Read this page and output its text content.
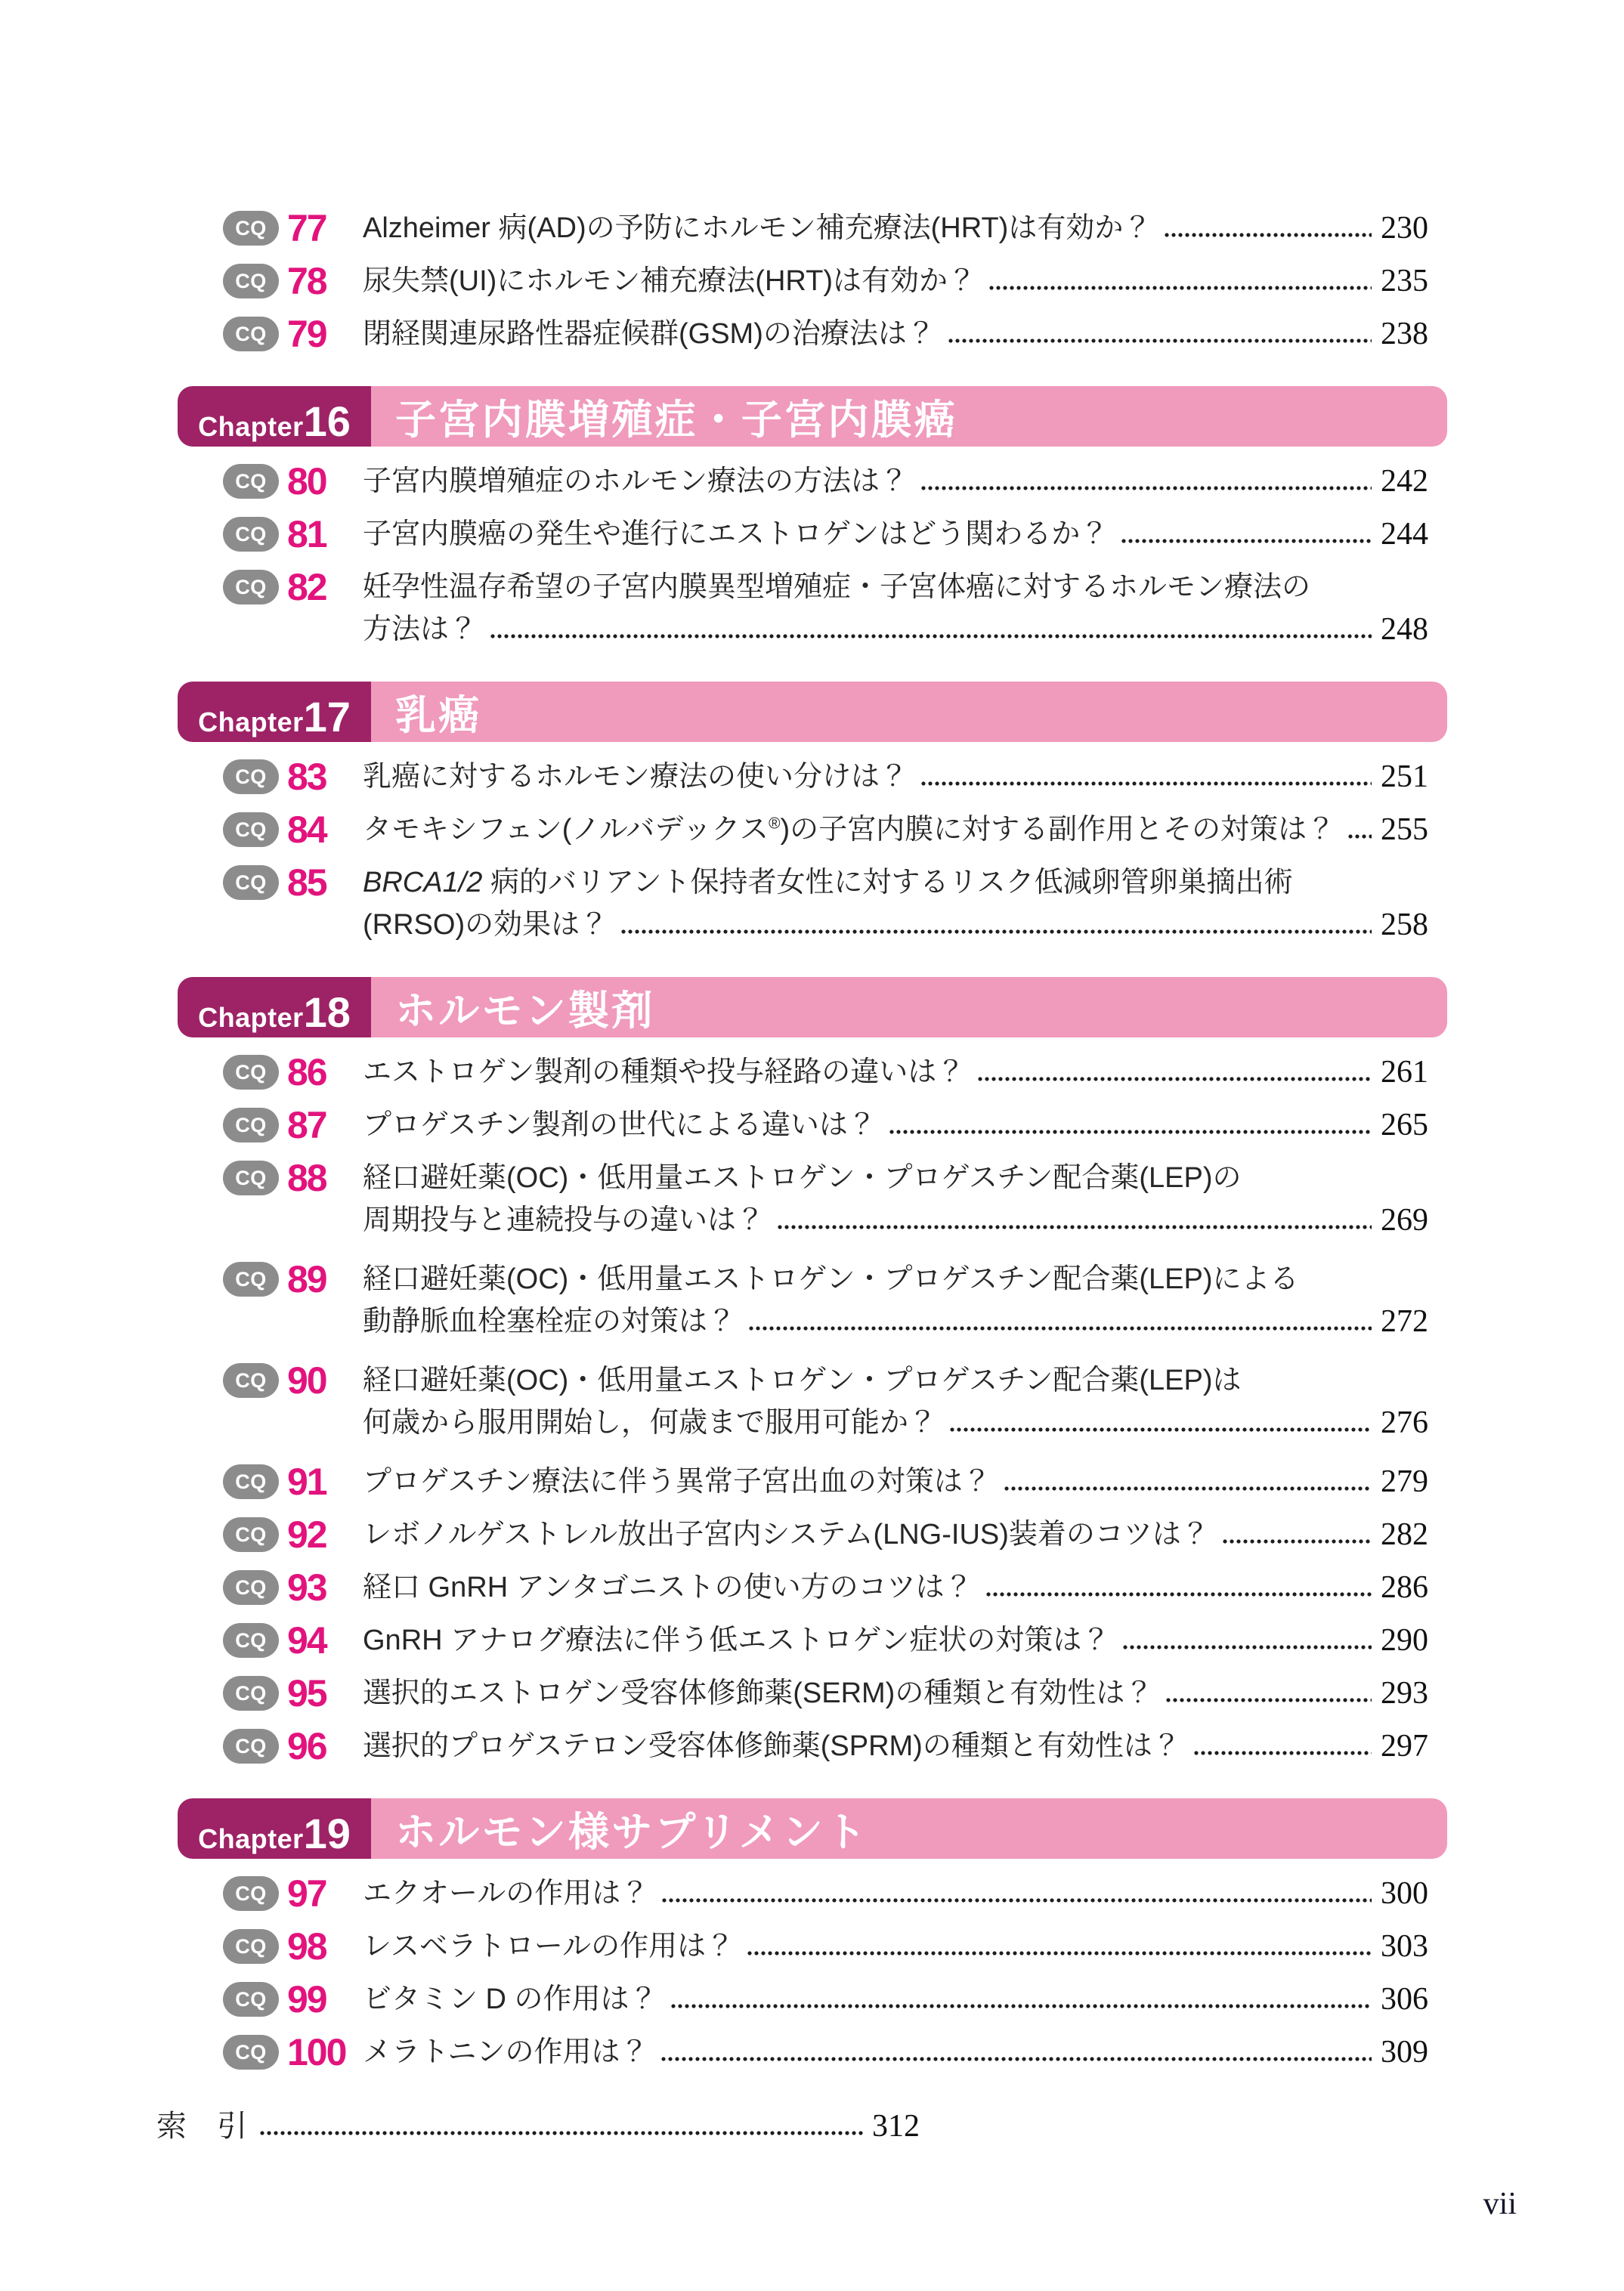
CQ 77 Alzheimer 病(AD)の予防にホルモン補充療法(HRT)は有効か？	230
CQ 78 尿失禁(UI)にホルモン補充療法(HRT)は有効か？	235
CQ 79 閉経関連尿路性器症候群(GSM)の治療法は？	238
Chapter 16 子宮内膜増殖症・子宮内膜癌
CQ 80 子宮内膜増殖症のホルモン療法の方法は？	242
CQ 81 子宮内膜癌の発生や進行にエストロゲンはどう関わるか？	244
CQ 82 妊孕性温存希望の子宮内膜異型増殖症・子宮体癌に対するホルモン療法の
方法は？	248
Chapter 17 乳癌
CQ 83 乳癌に対するホルモン療法の使い分けは？	251
CQ 84 タモキシフェン(ノルバデックス®)の子宮内膜に対する副作用とその対策は？ 255
CQ 85 BRCA1/2 病的バリアント保持者女性に対するリスク低減卵管卵巣摘出術
(RRSO)の効果は？	258
Chapter 18 ホルモン製剤
CQ 86 エストロゲン製剤の種類や投与経路の違いは？	261
CQ 87 プロゲスチン製剤の世代による違いは？	265
CQ 88 経口避妊薬(OC)・低用量エストロゲン・プロゲスチン配合薬(LEP)の
周期投与と連続投与の違いは？	269
CQ 89 経口避妊薬(OC)・低用量エストロゲン・プロゲスチン配合薬(LEP)による
動静脈血栓塞栓症の対策は？	272
CQ 90 経口避妊薬(OC)・低用量エストロゲン・プロゲスチン配合薬(LEP)は
何歳から服用開始し，何歳まで服用可能か？	276
CQ 91 プロゲスチン療法に伴う異常子宮出血の対策は？	279
CQ 92 レボノルゲストレル放出子宮内システム(LNG-IUS)装着のコツは？	282
CQ 93 経口 GnRH アンタゴニストの使い方のコツは？	286
CQ 94 GnRH アナログ療法に伴う低エストロゲン症状の対策は？	290
CQ 95 選択的エストロゲン受容体修飾薬(SERM)の種類と有効性は？	293
CQ 96 選択的プロゲステロン受容体修飾薬(SPRM)の種類と有効性は？	297
Chapter 19 ホルモン様サプリメント
CQ 97 エクオールの作用は？	300
CQ 98 レスベラトロールの作用は？	303
CQ 99 ビタミン D の作用は？	306
CQ 100 メラトニンの作用は？	309
索　引	312
vii
